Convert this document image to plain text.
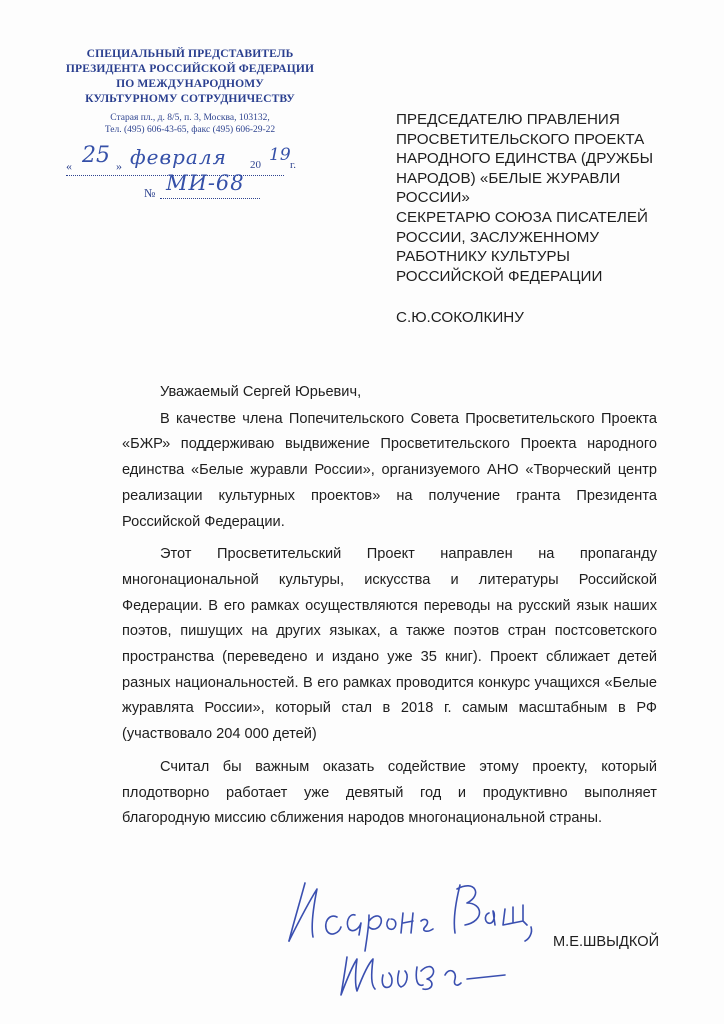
СПЕЦИАЛЬНЫЙ ПРЕДСТАВИТЕЛЬ
ПРЕЗИДЕНТА РОССИЙСКОЙ ФЕДЕРАЦИИ
ПО МЕЖДУНАРОДНОМУ
КУЛЬТУРНОМУ СОТРУДНИЧЕСТВУ
Старая пл., д. 8/5, п. 3, Москва, 103132,
Тел. (495) 606-43-65, факс (495) 606-29-22
« 25 » февраля 20 19 г.
№ МИ-68
ПРЕДСЕДАТЕЛЮ ПРАВЛЕНИЯ
ПРОСВЕТИТЕЛЬСКОГО ПРОЕКТА
НАРОДНОГО ЕДИНСТВА (ДРУЖБЫ
НАРОДОВ) «БЕЛЫЕ ЖУРАВЛИ
РОССИИ»
СЕКРЕТАРЮ СОЮЗА ПИСАТЕЛЕЙ
РОССИИ, ЗАСЛУЖЕННОМУ
РАБОТНИКУ КУЛЬТУРЫ
РОССИЙСКОЙ ФЕДЕРАЦИИ
С.Ю.СОКОЛКИНУ
Уважаемый Сергей Юрьевич,

В качестве члена Попечительского Совета Просветительского Проекта «БЖР» поддерживаю выдвижение Просветительского Проекта народного единства «Белые журавли России», организуемого АНО «Творческий центр реализации культурных проектов» на получение гранта Президента Российской Федерации.

Этот Просветительский Проект направлен на пропаганду многонациональной культуры, искусства и литературы Российской Федерации. В его рамках осуществляются переводы на русский язык наших поэтов, пишущих на других языках, а также поэтов стран постсоветского пространства (переведено и издано уже 35 книг). Проект сближает детей разных национальностей. В его рамках проводится конкурс учащихся «Белые журавлята России», который стал в 2018 г. самым масштабным в РФ (участвовало 204 000 детей)

Считал бы важным оказать содействие этому проекту, который плодотворно работает уже девятый год и продуктивно выполняет благородную миссию сближения народов многонациональной страны.

М.Е.ШВЫДКОЙ
